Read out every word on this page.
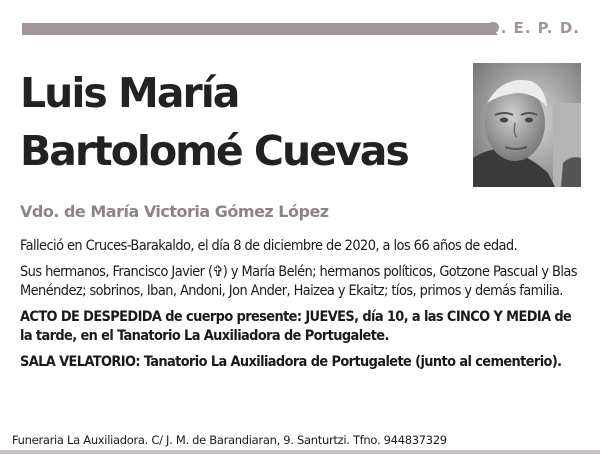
Q. E. P. D.
Luis María
Bartolomé Cuevas
Vdo. de María Victoria Gómez López

Falleció en Cruces-Barakaldo, el día 8 de diciembre de 2020, a los 66 años de edad.

Sus hermanos, Francisco Javier (✞) y María Belén; hermanos políticos, Gotzone Pascual y Blas Menéndez; sobrinos, Iban, Andoni, Jon Ander, Haizea y Ekaitz; tíos, primos y demás familia.

ACTO DE DESPEDIDA de cuerpo presente: JUEVES, día 10, a las CINCO Y MEDIA de la tarde, en el Tanatorio La Auxiliadora de Portugalete.

SALA VELATORIO: Tanatorio La Auxiliadora de Portugalete (junto al cementerio).

Funeraria La Auxiliadora. C/ J. M. de Barandiaran, 9. Santurtzi. Tfno. 944837329
